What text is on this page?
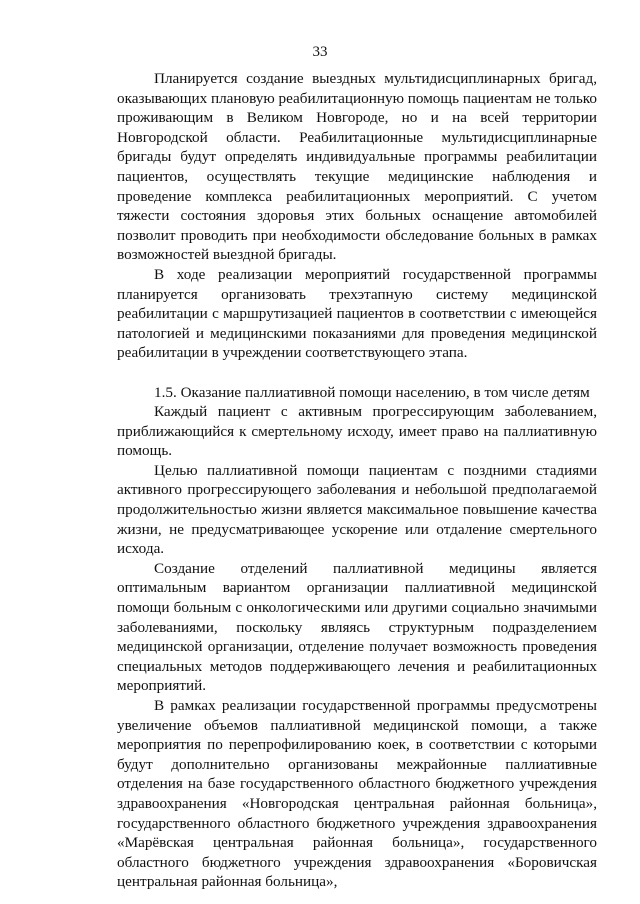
33

Планируется создание выездных мультидисциплинарных бригад, оказывающих плановую реабилитационную помощь пациентам не только проживающим в Великом Новгороде, но и на всей территории Новгородской области. Реабилитационные мультидисциплинарные бригады будут определять индивидуальные программы реабилитации пациентов, осуществлять текущие медицинские наблюдения и проведение комплекса реабилитационных мероприятий. С учетом тяжести состояния здоровья этих больных оснащение автомобилей позволит проводить при необходимости обследование больных в рамках возможностей выездной бригады.

В ходе реализации мероприятий государственной программы планируется организовать трехэтапную систему медицинской реабилитации с маршрутизацией пациентов в соответствии с имеющейся патологией и медицинскими показаниями для проведения медицинской реабилитации в учреждении соответствующего этапа.

1.5. Оказание паллиативной помощи населению, в том числе детям

Каждый пациент с активным прогрессирующим заболеванием, приближающийся к смертельному исходу, имеет право на паллиативную помощь.

Целью паллиативной помощи пациентам с поздними стадиями активного прогрессирующего заболевания и небольшой предполагаемой продолжительностью жизни является максимальное повышение качества жизни, не предусматривающее ускорение или отдаление смертельного исхода.

Создание отделений паллиативной медицины является оптимальным вариантом организации паллиативной медицинской помощи больным с онкологическими или другими социально значимыми заболеваниями, поскольку являясь структурным подразделением медицинской организации, отделение получает возможность проведения специальных методов поддерживающего лечения и реабилитационных мероприятий.

В рамках реализации государственной программы предусмотрены увеличение объемов паллиативной медицинской помощи, а также мероприятия по перепрофилированию коек, в соответствии с которыми будут дополнительно организованы межрайонные паллиативные отделения на базе государственного областного бюджетного учреждения здравоохранения «Новгородская центральная районная больница», государственного областного бюджетного учреждения здравоохранения «Марёвская центральная районная больница», государственного областного бюджетного учреждения здравоохранения «Боровичская центральная районная больница»,
